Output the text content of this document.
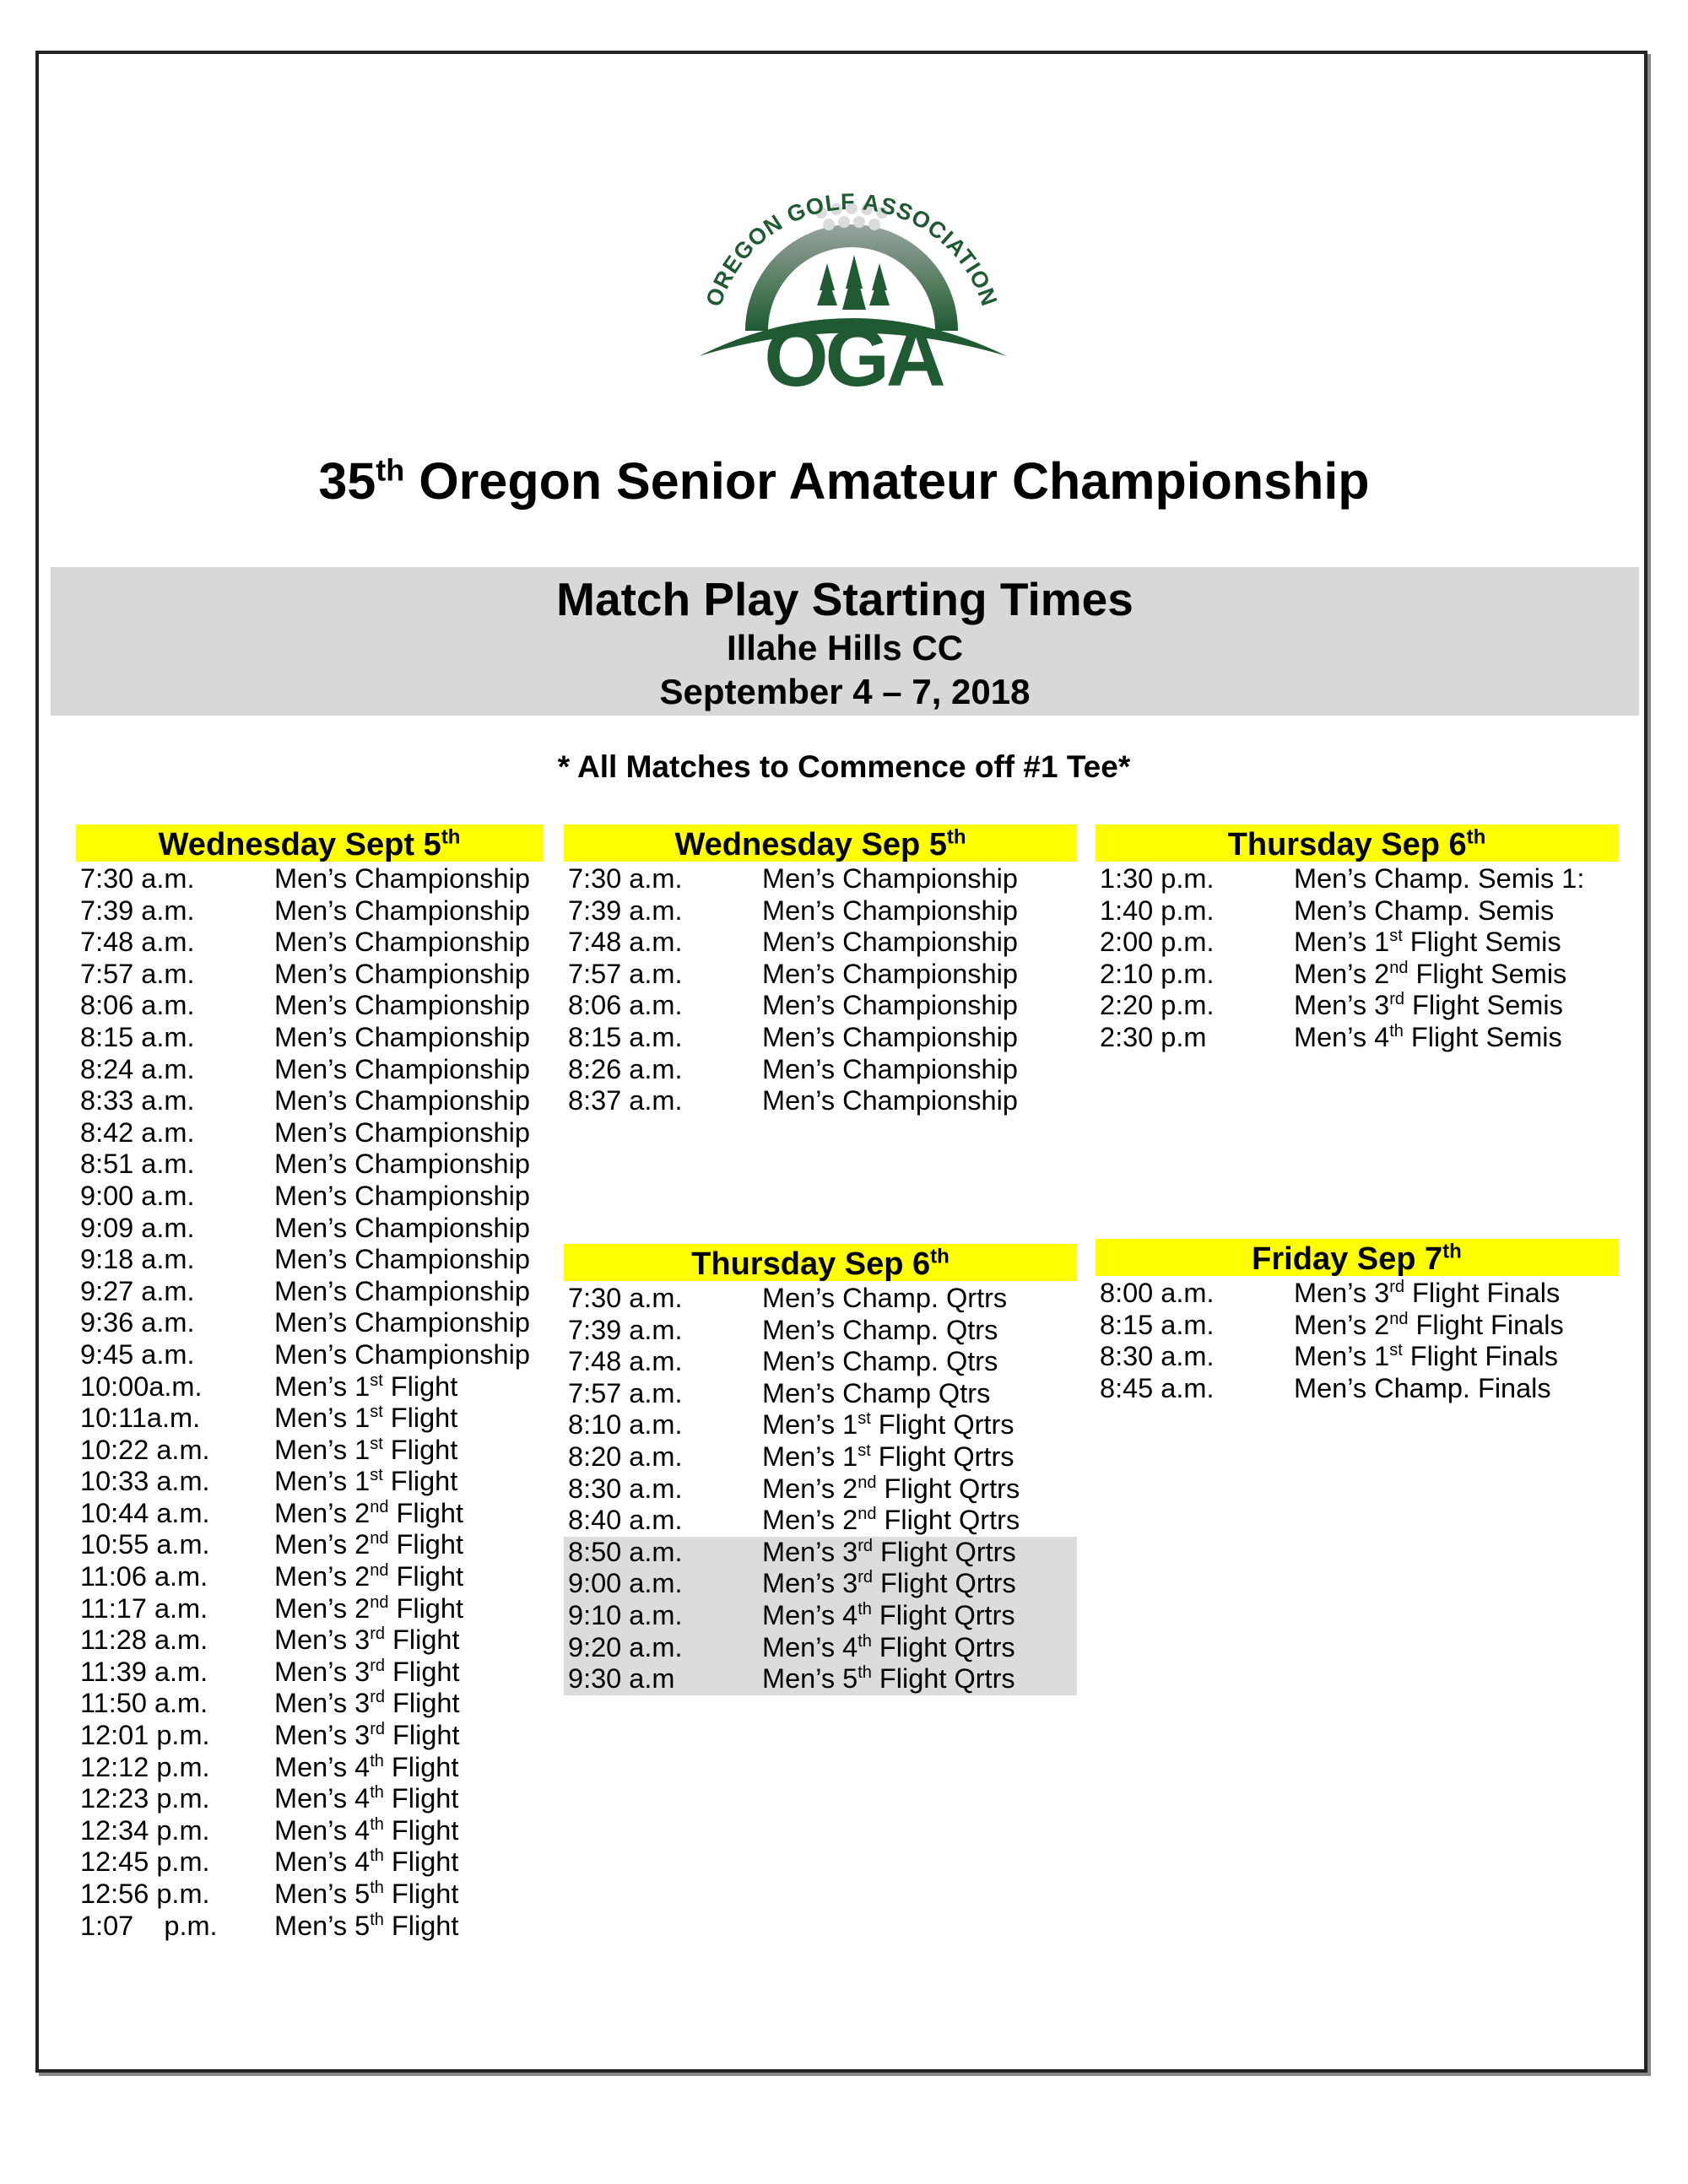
OREGON GOLF ASSOCIATION
OGA
35th Oregon Senior Amateur Championship
Match Play Starting Times
Illahe Hills CC
September 4 – 7, 2018
* All Matches to Commence off #1 Tee*
Wednesday Sept 5th
7:30 a.m.	Men’s Championship
7:39 a.m.	Men’s Championship
7:48 a.m.	Men’s Championship
7:57 a.m.	Men’s Championship
8:06 a.m.	Men’s Championship
8:15 a.m.	Men’s Championship
8:24 a.m.	Men’s Championship
8:33 a.m.	Men’s Championship
8:42 a.m.	Men’s Championship
8:51 a.m.	Men’s Championship
9:00 a.m.	Men’s Championship
9:09 a.m.	Men’s Championship
9:18 a.m.	Men’s Championship
9:27 a.m.	Men’s Championship
9:36 a.m.	Men’s Championship
9:45 a.m.	Men’s Championship
10:00a.m.	Men’s 1st Flight
10:11a.m.	Men’s 1st Flight
10:22 a.m.	Men’s 1st Flight
10:33 a.m.	Men’s 1st Flight
10:44 a.m.	Men’s 2nd Flight
10:55 a.m.	Men’s 2nd Flight
11:06 a.m.	Men’s 2nd Flight
11:17 a.m.	Men’s 2nd Flight
11:28 a.m.	Men’s 3rd Flight
11:39 a.m.	Men’s 3rd Flight
11:50 a.m.	Men’s 3rd Flight
12:01 p.m.	Men’s 3rd Flight
12:12 p.m.	Men’s 4th Flight
12:23 p.m.	Men’s 4th Flight
12:34 p.m.	Men’s 4th Flight
12:45 p.m.	Men’s 4th Flight
12:56 p.m.	Men’s 5th Flight
1:07    p.m.	Men’s 5th Flight
Wednesday Sep 5th
7:30 a.m.	Men’s Championship
7:39 a.m.	Men’s Championship
7:48 a.m.	Men’s Championship
7:57 a.m.	Men’s Championship
8:06 a.m.	Men’s Championship
8:15 a.m.	Men’s Championship
8:26 a.m.	Men’s Championship
8:37 a.m.	Men’s Championship
Thursday Sep 6th
1:30 p.m.	Men’s Champ. Semis 1:
1:40 p.m.	Men’s Champ. Semis
2:00 p.m.	Men’s 1st Flight Semis
2:10 p.m.	Men’s 2nd Flight Semis
2:20 p.m.	Men’s 3rd Flight Semis
2:30 p.m	Men’s 4th Flight Semis
Thursday Sep 6th
7:30 a.m.	Men’s Champ. Qrtrs
7:39 a.m.	Men’s Champ. Qtrs
7:48 a.m.	Men’s Champ. Qtrs
7:57 a.m.	Men’s Champ Qtrs
8:10 a.m.	Men’s 1st Flight Qrtrs
8:20 a.m.	Men’s 1st Flight Qrtrs
8:30 a.m.	Men’s 2nd Flight Qrtrs
8:40 a.m.	Men’s 2nd Flight Qrtrs
8:50 a.m.	Men’s 3rd Flight Qrtrs
9:00 a.m.	Men’s 3rd Flight Qrtrs
9:10 a.m.	Men’s 4th Flight Qrtrs
9:20 a.m.	Men’s 4th Flight Qrtrs
9:30 a.m	Men’s 5th Flight Qrtrs
Friday Sep 7th
8:00 a.m.	Men’s 3rd Flight Finals
8:15 a.m.	Men’s 2nd Flight Finals
8:30 a.m.	Men’s 1st Flight Finals
8:45 a.m.	Men’s Champ. Finals
